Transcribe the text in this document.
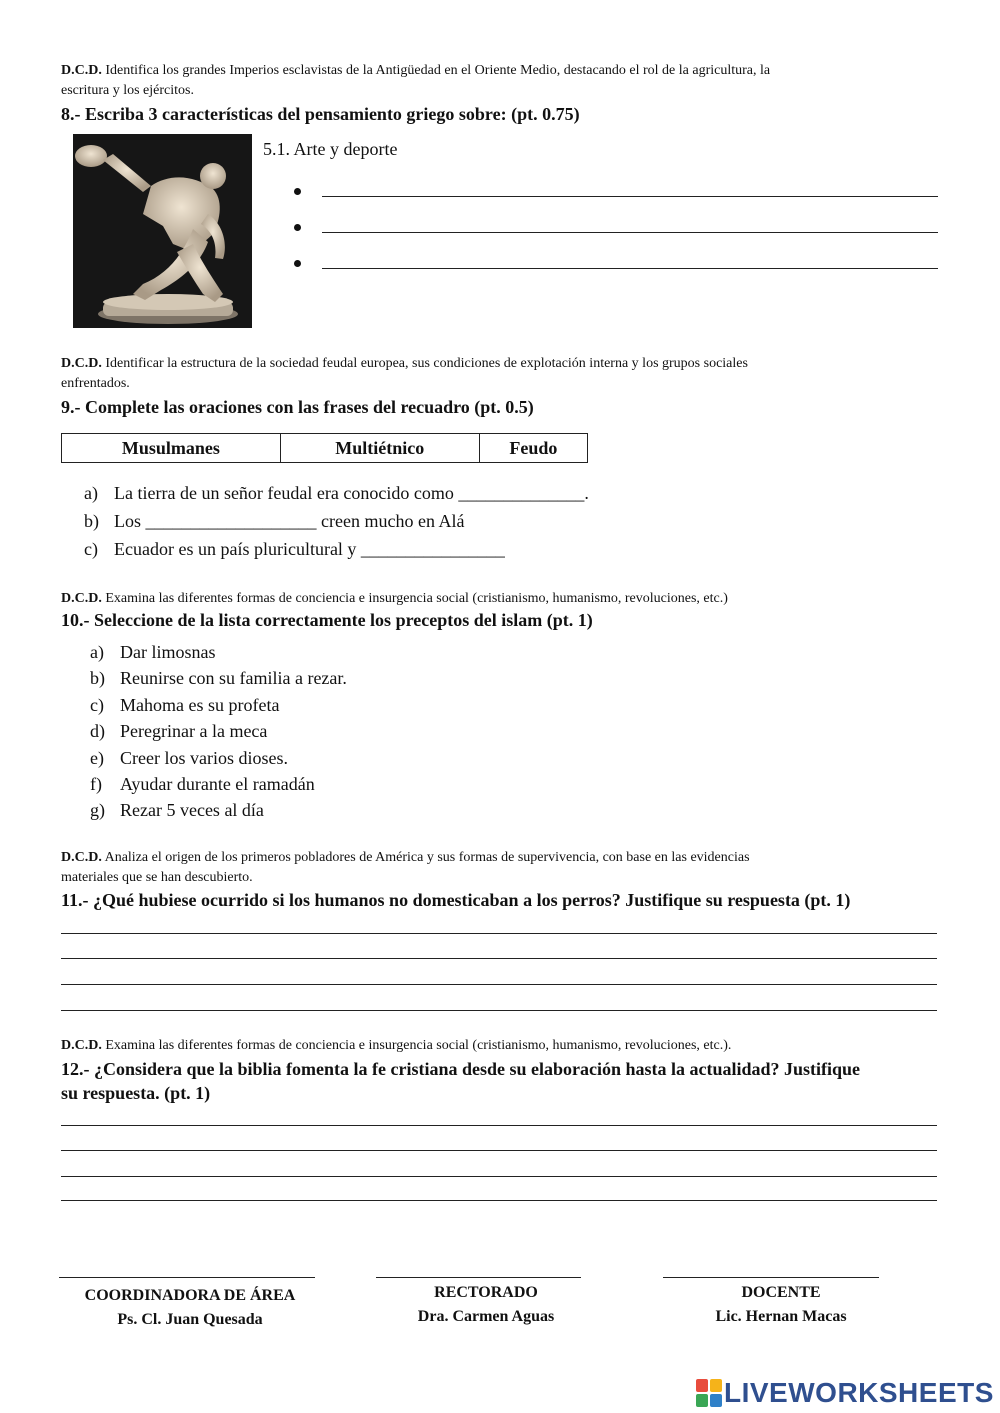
D.C.D. Identifica los grandes Imperios esclavistas de la Antigüedad en el Oriente Medio, destacando el rol de la agricultura, la
escritura y los ejércitos.
8.- Escriba 3 características del pensamiento griego sobre: (pt. 0.75)
5.1. Arte y deporte
D.C.D. Identificar la estructura de la sociedad feudal europea, sus condiciones de explotación interna y los grupos sociales
enfrentados.
9.- Complete las oraciones con las frases del recuadro (pt. 0.5)
Musulmanes	Multiétnico	Feudo
a) La tierra de un señor feudal era conocido como ______________.
b) Los ___________________ creen mucho en Alá
c) Ecuador es un país pluricultural y ________________
D.C.D. Examina las diferentes formas de conciencia e insurgencia social (cristianismo, humanismo, revoluciones, etc.)
10.- Seleccione de la lista correctamente los preceptos del islam (pt. 1)
a) Dar limosnas
b) Reunirse con su familia a rezar.
c) Mahoma es su profeta
d) Peregrinar a la meca
e) Creer los varios dioses.
f) Ayudar durante el ramadán
g) Rezar 5 veces al día
D.C.D. Analiza el origen de los primeros pobladores de América y sus formas de supervivencia, con base en las evidencias
materiales que se han descubierto.
11.- ¿Qué hubiese ocurrido si los humanos no domesticaban a los perros? Justifique su respuesta (pt. 1)
D.C.D. Examina las diferentes formas de conciencia e insurgencia social (cristianismo, humanismo, revoluciones, etc.).
12.- ¿Considera que la biblia fomenta la fe cristiana desde su elaboración hasta la actualidad? Justifique
su respuesta. (pt. 1)
COORDINADORA DE ÁREA
Ps. Cl. Juan Quesada
RECTORADO
Dra. Carmen Aguas
DOCENTE
Lic. Hernan Macas
LIVEWORKSHEETS
